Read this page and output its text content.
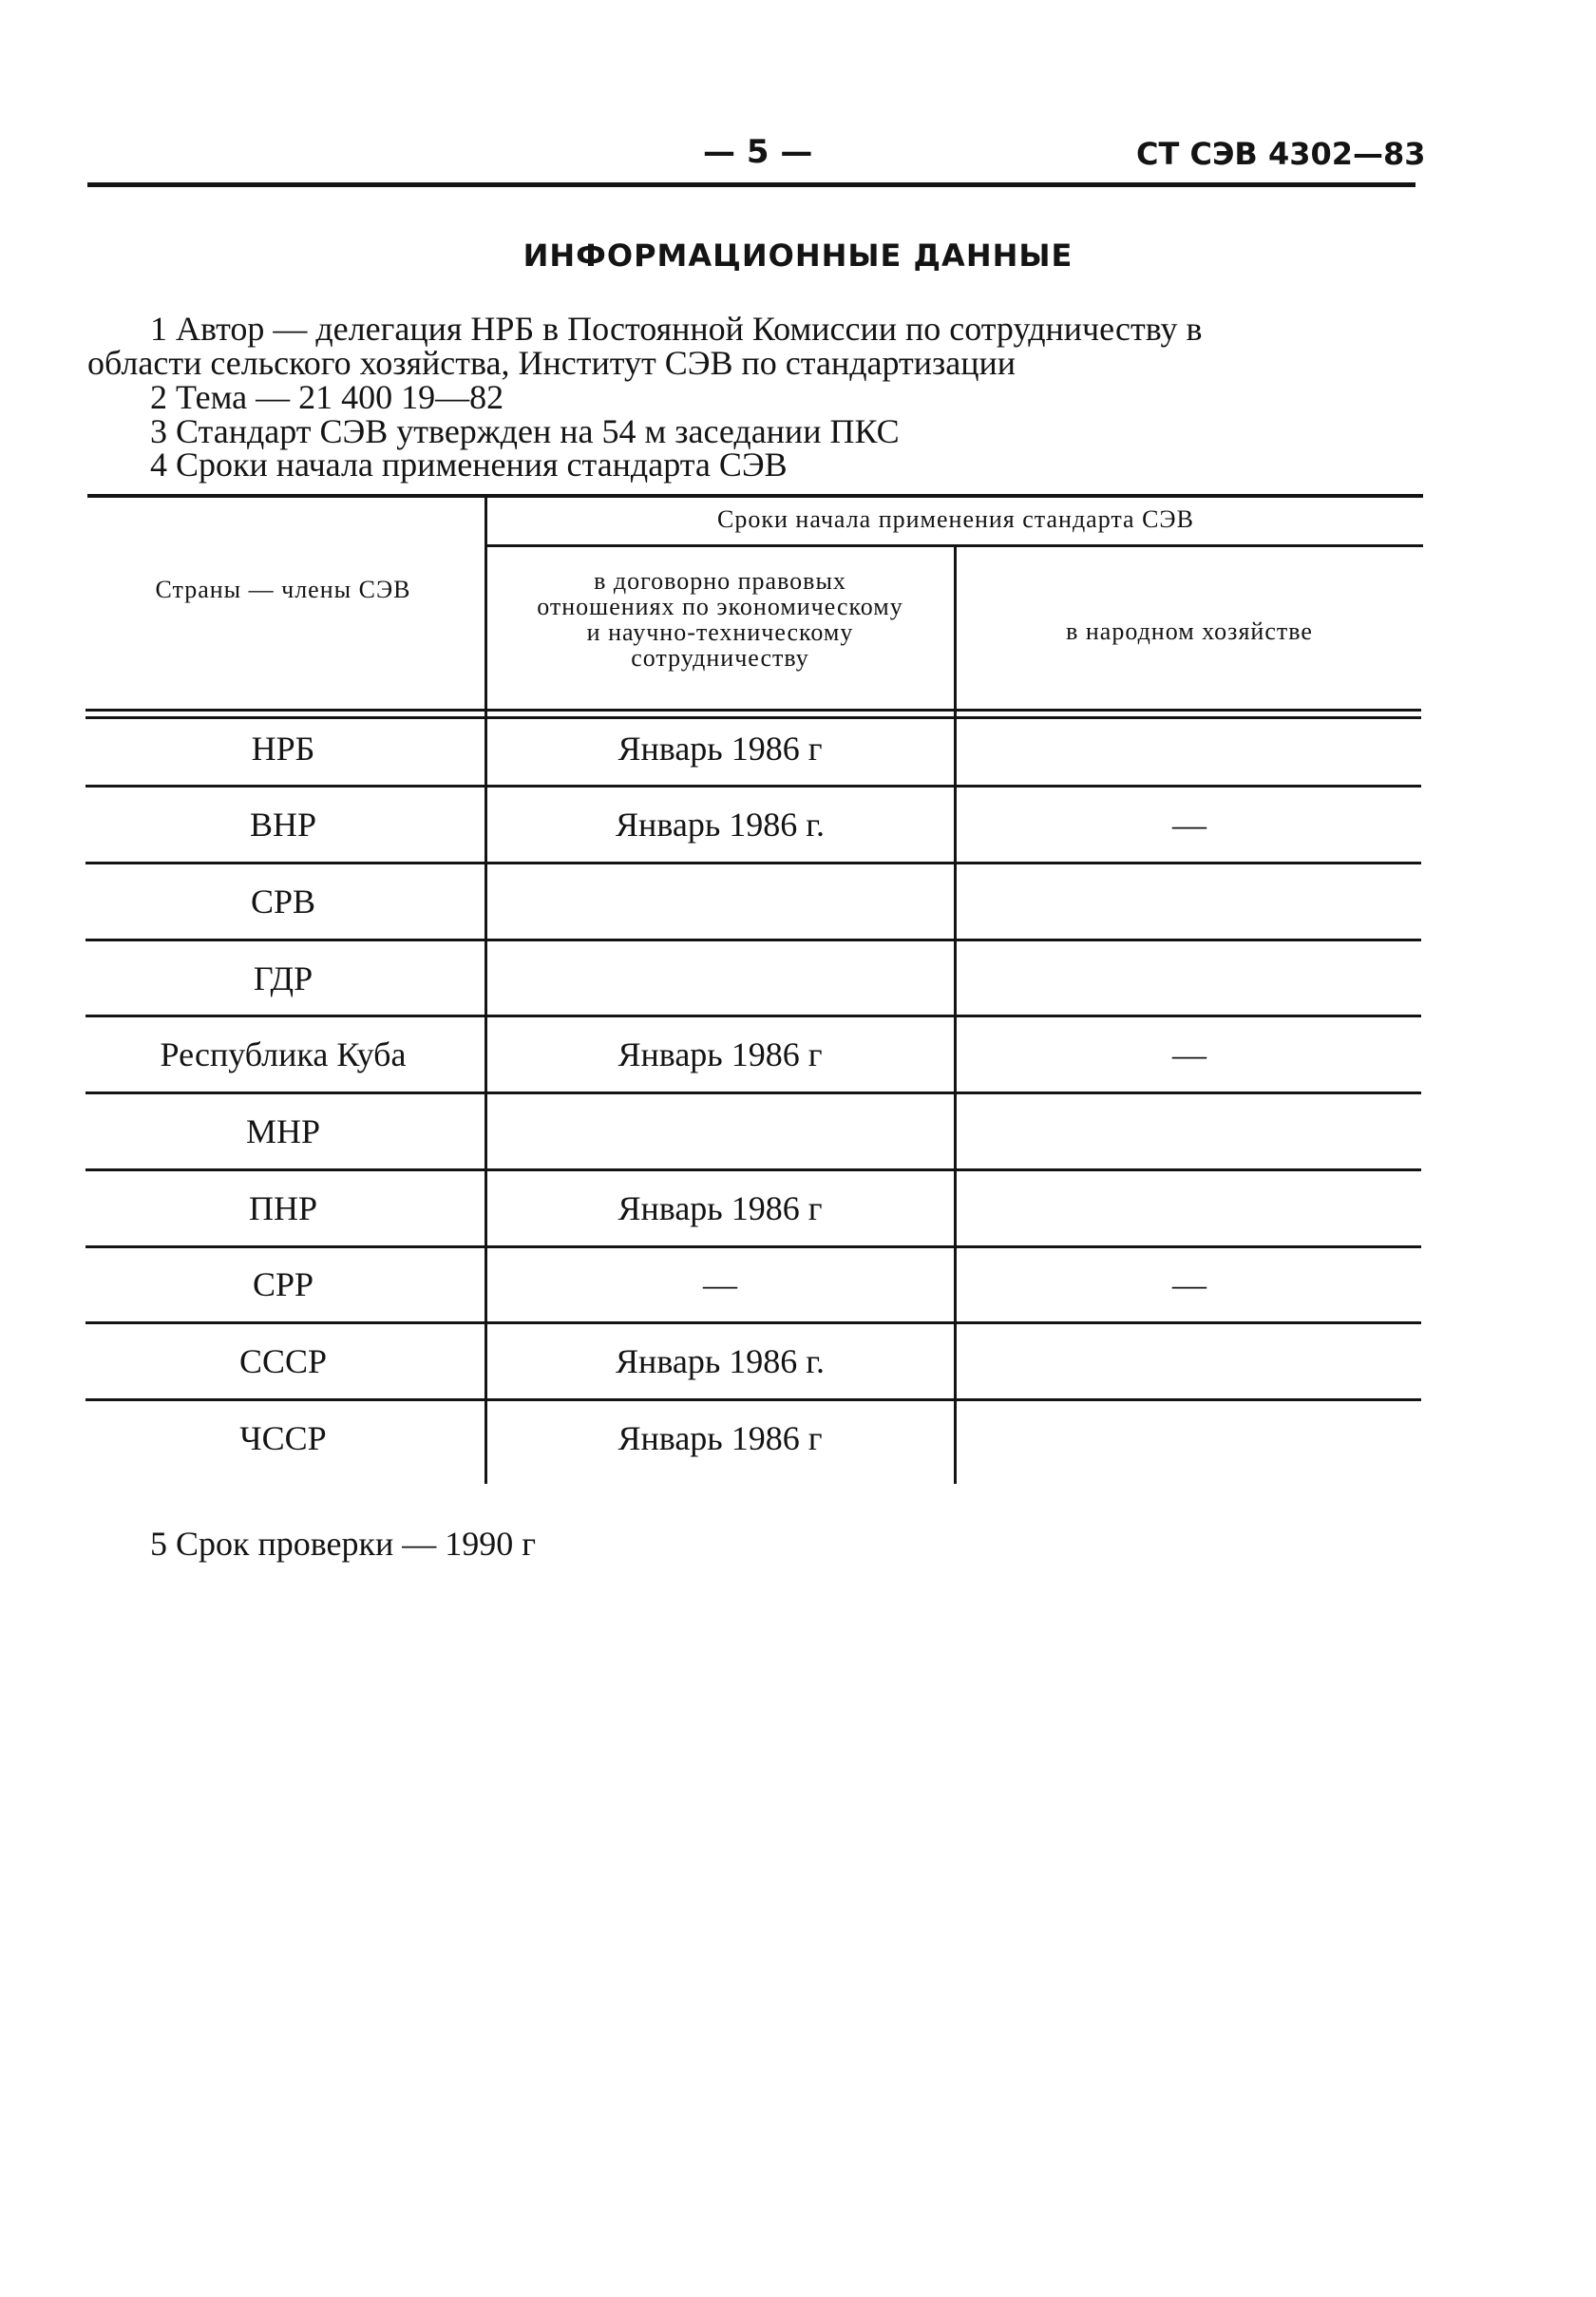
— 5 —	СТ СЭВ 4302—83
ИНФОРМАЦИОННЫЕ ДАННЫЕ
1 Автор — делегация НРБ в Постоянной Комиссии по сотрудничеству в
области сельского хозяйства, Институт СЭВ по стандартизации
2 Тема — 21 400 19—82
3 Стандарт СЭВ утвержден на 54 м заседании ПКС
4 Сроки начала применения стандарта СЭВ
Страны — члены СЭВ
Сроки начала применения стандарта СЭВ
в договорно правовых отношениях по экономическому и научно-техническому сотрудничеству
в народном хозяйстве
НРБ	Январь 1986 г
ВНР	Январь 1986 г.	—
СРВ
ГДР
Республика Куба	Январь 1986 г	—
МНР
ПНР	Январь 1986 г
СРР	—	—
СССР	Январь 1986 г.
ЧССР	Январь 1986 г
5 Срок проверки — 1990 г
